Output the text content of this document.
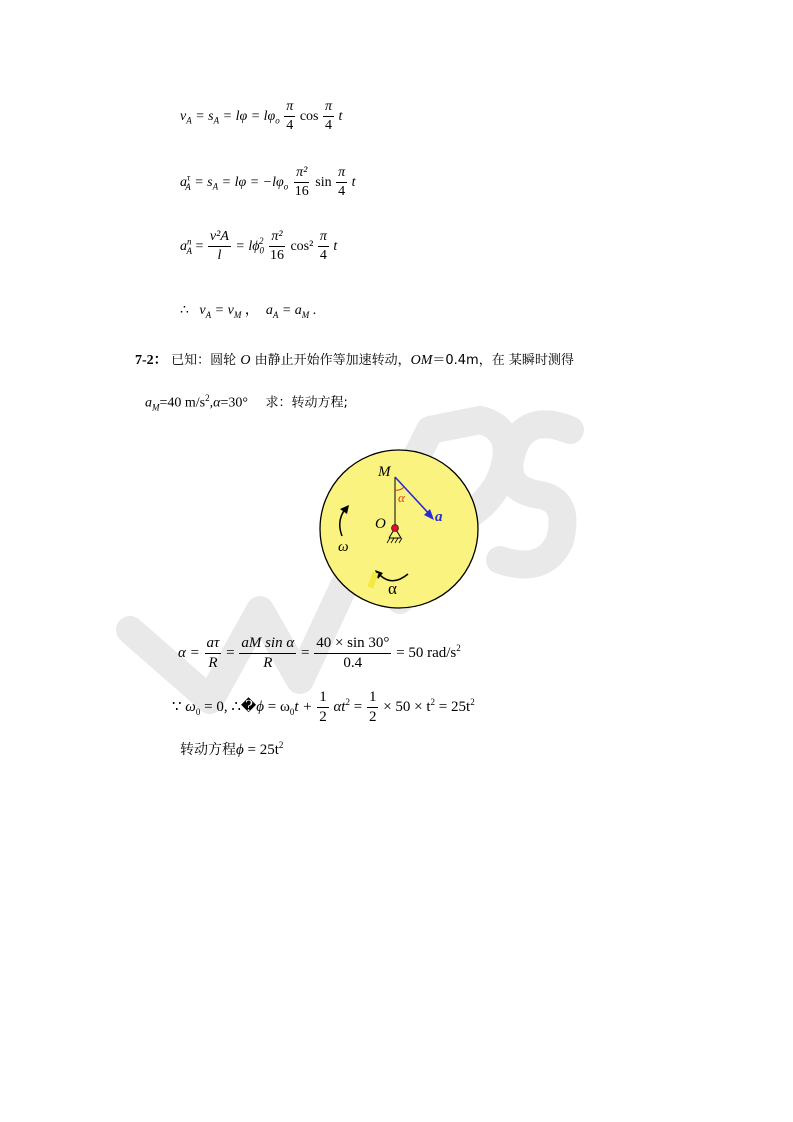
$v_A = s_A = l\varphi = l\varphi_o \frac{\pi}{4}$ $\cos \frac{\pi}{4}$ t
$a^\tau_A = s_A = l\varphi = -l\varphi_o \frac{\text{π²}}{16}$ $\sin \frac{\pi}{4}$ t
$a^n_A = \frac{\text{v²A}}{l} = l\phi_0^2 \frac{\text{π²}}{16} \cos^2 \frac{\pi}{4}$ t
∴ $v_A = v_M$ ， $a_A = a_M$ .
7-2： 已知：圆轮 O 由静止开始作等加速转动，OM＝0.4m，在 某瞬时测得
$a_M=40$ $m/s^2,\alpha=30^\circ$ 求：转动方程;
M
α
O	a
ω
α
$\alpha = \frac{a\tau}{R} = \frac{\text{aM sin α}}{R} = \frac{40 \times \sin 30^\circ}{0.4} = 50$ rad/$s^2$
∵ $\omega_0 = 0$, ∴�ϕ = $\omega_0t + \frac{1}{2} \alpha t^2 = \frac{1}{2} \times 50 \times t^2 = 25t^2$
转动方程$\phi = 25t^2$
